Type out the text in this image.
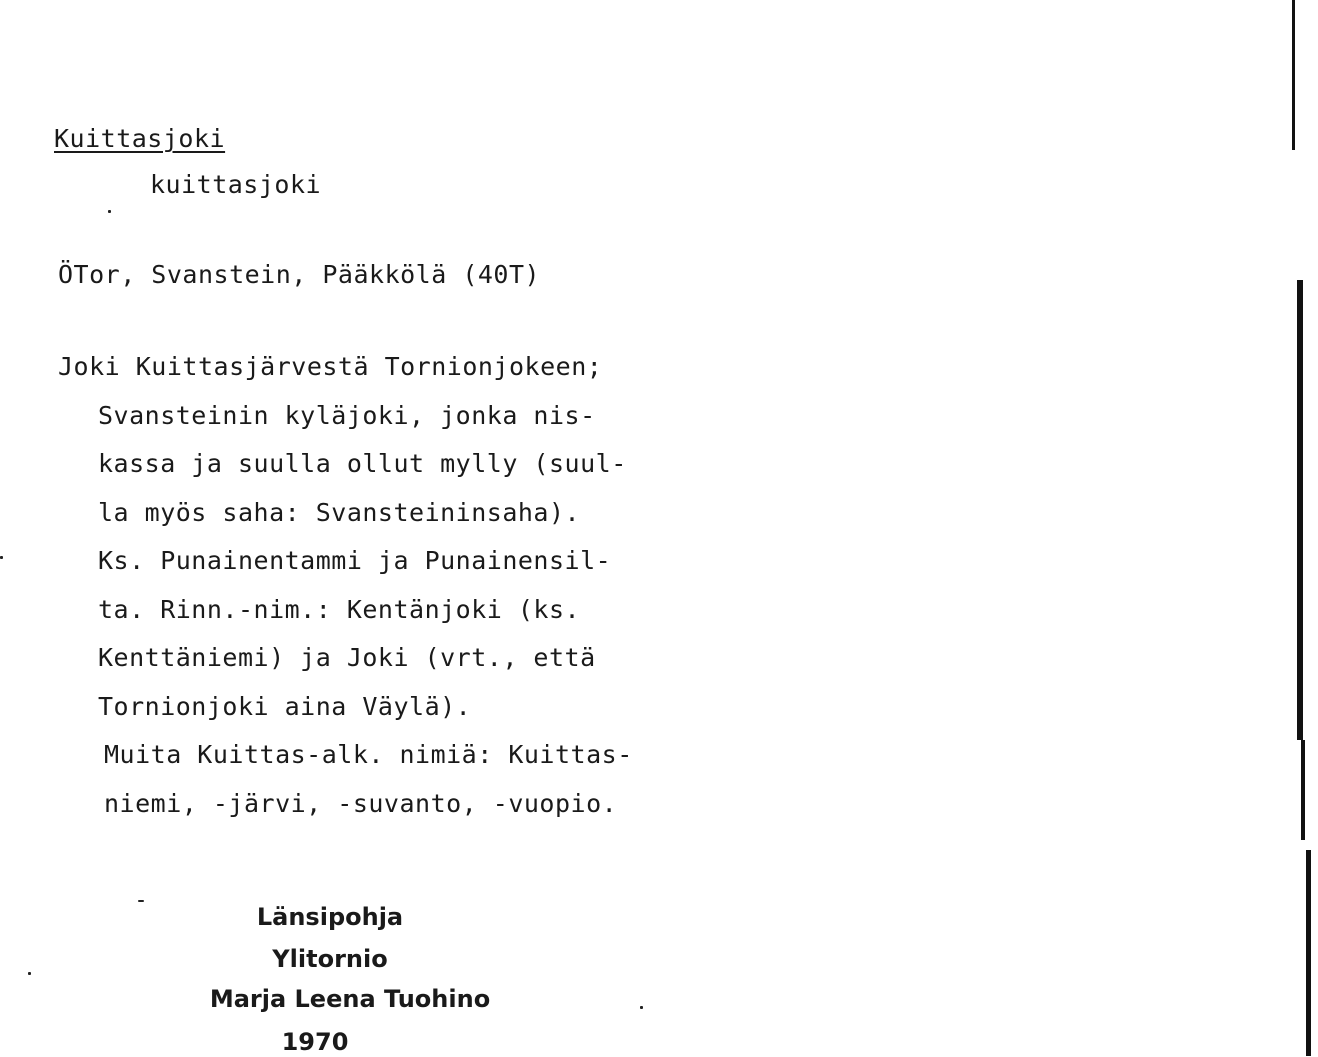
Kuittasjoki
kuittasjoki
ÖTor, Svanstein, Pääkkölä (40T)
Joki Kuittasjärvestä Tornionjokeen;
Svansteinin kyläjoki, jonka nis-
kassa ja suulla ollut mylly (suul-
la myös saha: Svansteininsaha).
Ks. Punainentammi ja Punainensil-
ta. Rinn.-nim.: Kentänjoki (ks.
Kenttäniemi) ja Joki (vrt., että
Tornionjoki aina Väylä).
Muita Kuittas-alk. nimiä: Kuittas-
niemi, -järvi, -suvanto, -vuopio.
Länsipohja
Ylitornio
Marja Leena Tuohino
1970
